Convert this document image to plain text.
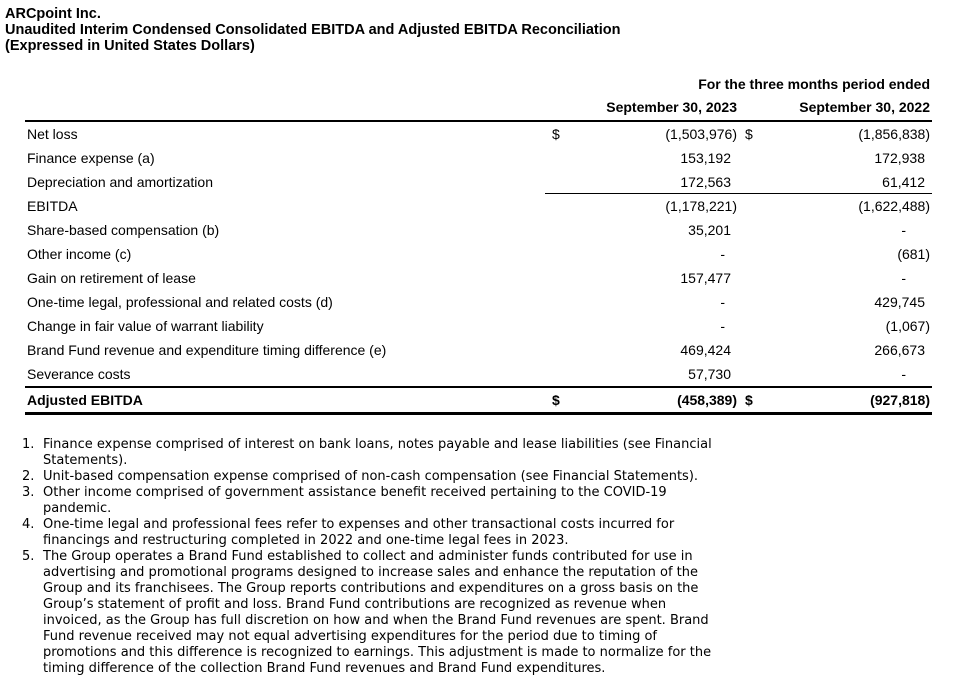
ARCpoint Inc.
Unaudited Interim Condensed Consolidated EBITDA and Adjusted EBITDA Reconciliation
(Expressed in United States Dollars)
For the three months period ended
September 30, 2023	September 30, 2022
Net loss	$	(1,503,976) $	(1,856,838)
Finance expense (a)	153,192	172,938
Depreciation and amortization	172,563	61,412
EBITDA	(1,178,221)	(1,622,488)
Share-based compensation (b)	35,201	-
Other income (c)	-	(681)
Gain on retirement of lease	157,477	-
One-time legal, professional and related costs (d)	-	429,745
Change in fair value of warrant liability	-	(1,067)
Brand Fund revenue and expenditure timing difference (e)	469,424	266,673
Severance costs	57,730	-
Adjusted EBITDA	$	(458,389) $	(927,818)
1. Finance expense comprised of interest on bank loans, notes payable and lease liabilities (see Financial Statements).
2. Unit-based compensation expense comprised of non-cash compensation (see Financial Statements).
3. Other income comprised of government assistance benefit received pertaining to the COVID-19 pandemic.
4. One-time legal and professional fees refer to expenses and other transactional costs incurred for financings and restructuring completed in 2022 and one-time legal fees in 2023.
5. The Group operates a Brand Fund established to collect and administer funds contributed for use in advertising and promotional programs designed to increase sales and enhance the reputation of the Group and its franchisees. The Group reports contributions and expenditures on a gross basis on the Group’s statement of profit and loss. Brand Fund contributions are recognized as revenue when invoiced, as the Group has full discretion on how and when the Brand Fund revenues are spent. Brand Fund revenue received may not equal advertising expenditures for the period due to timing of promotions and this difference is recognized to earnings. This adjustment is made to normalize for the timing difference of the collection Brand Fund revenues and Brand Fund expenditures.
